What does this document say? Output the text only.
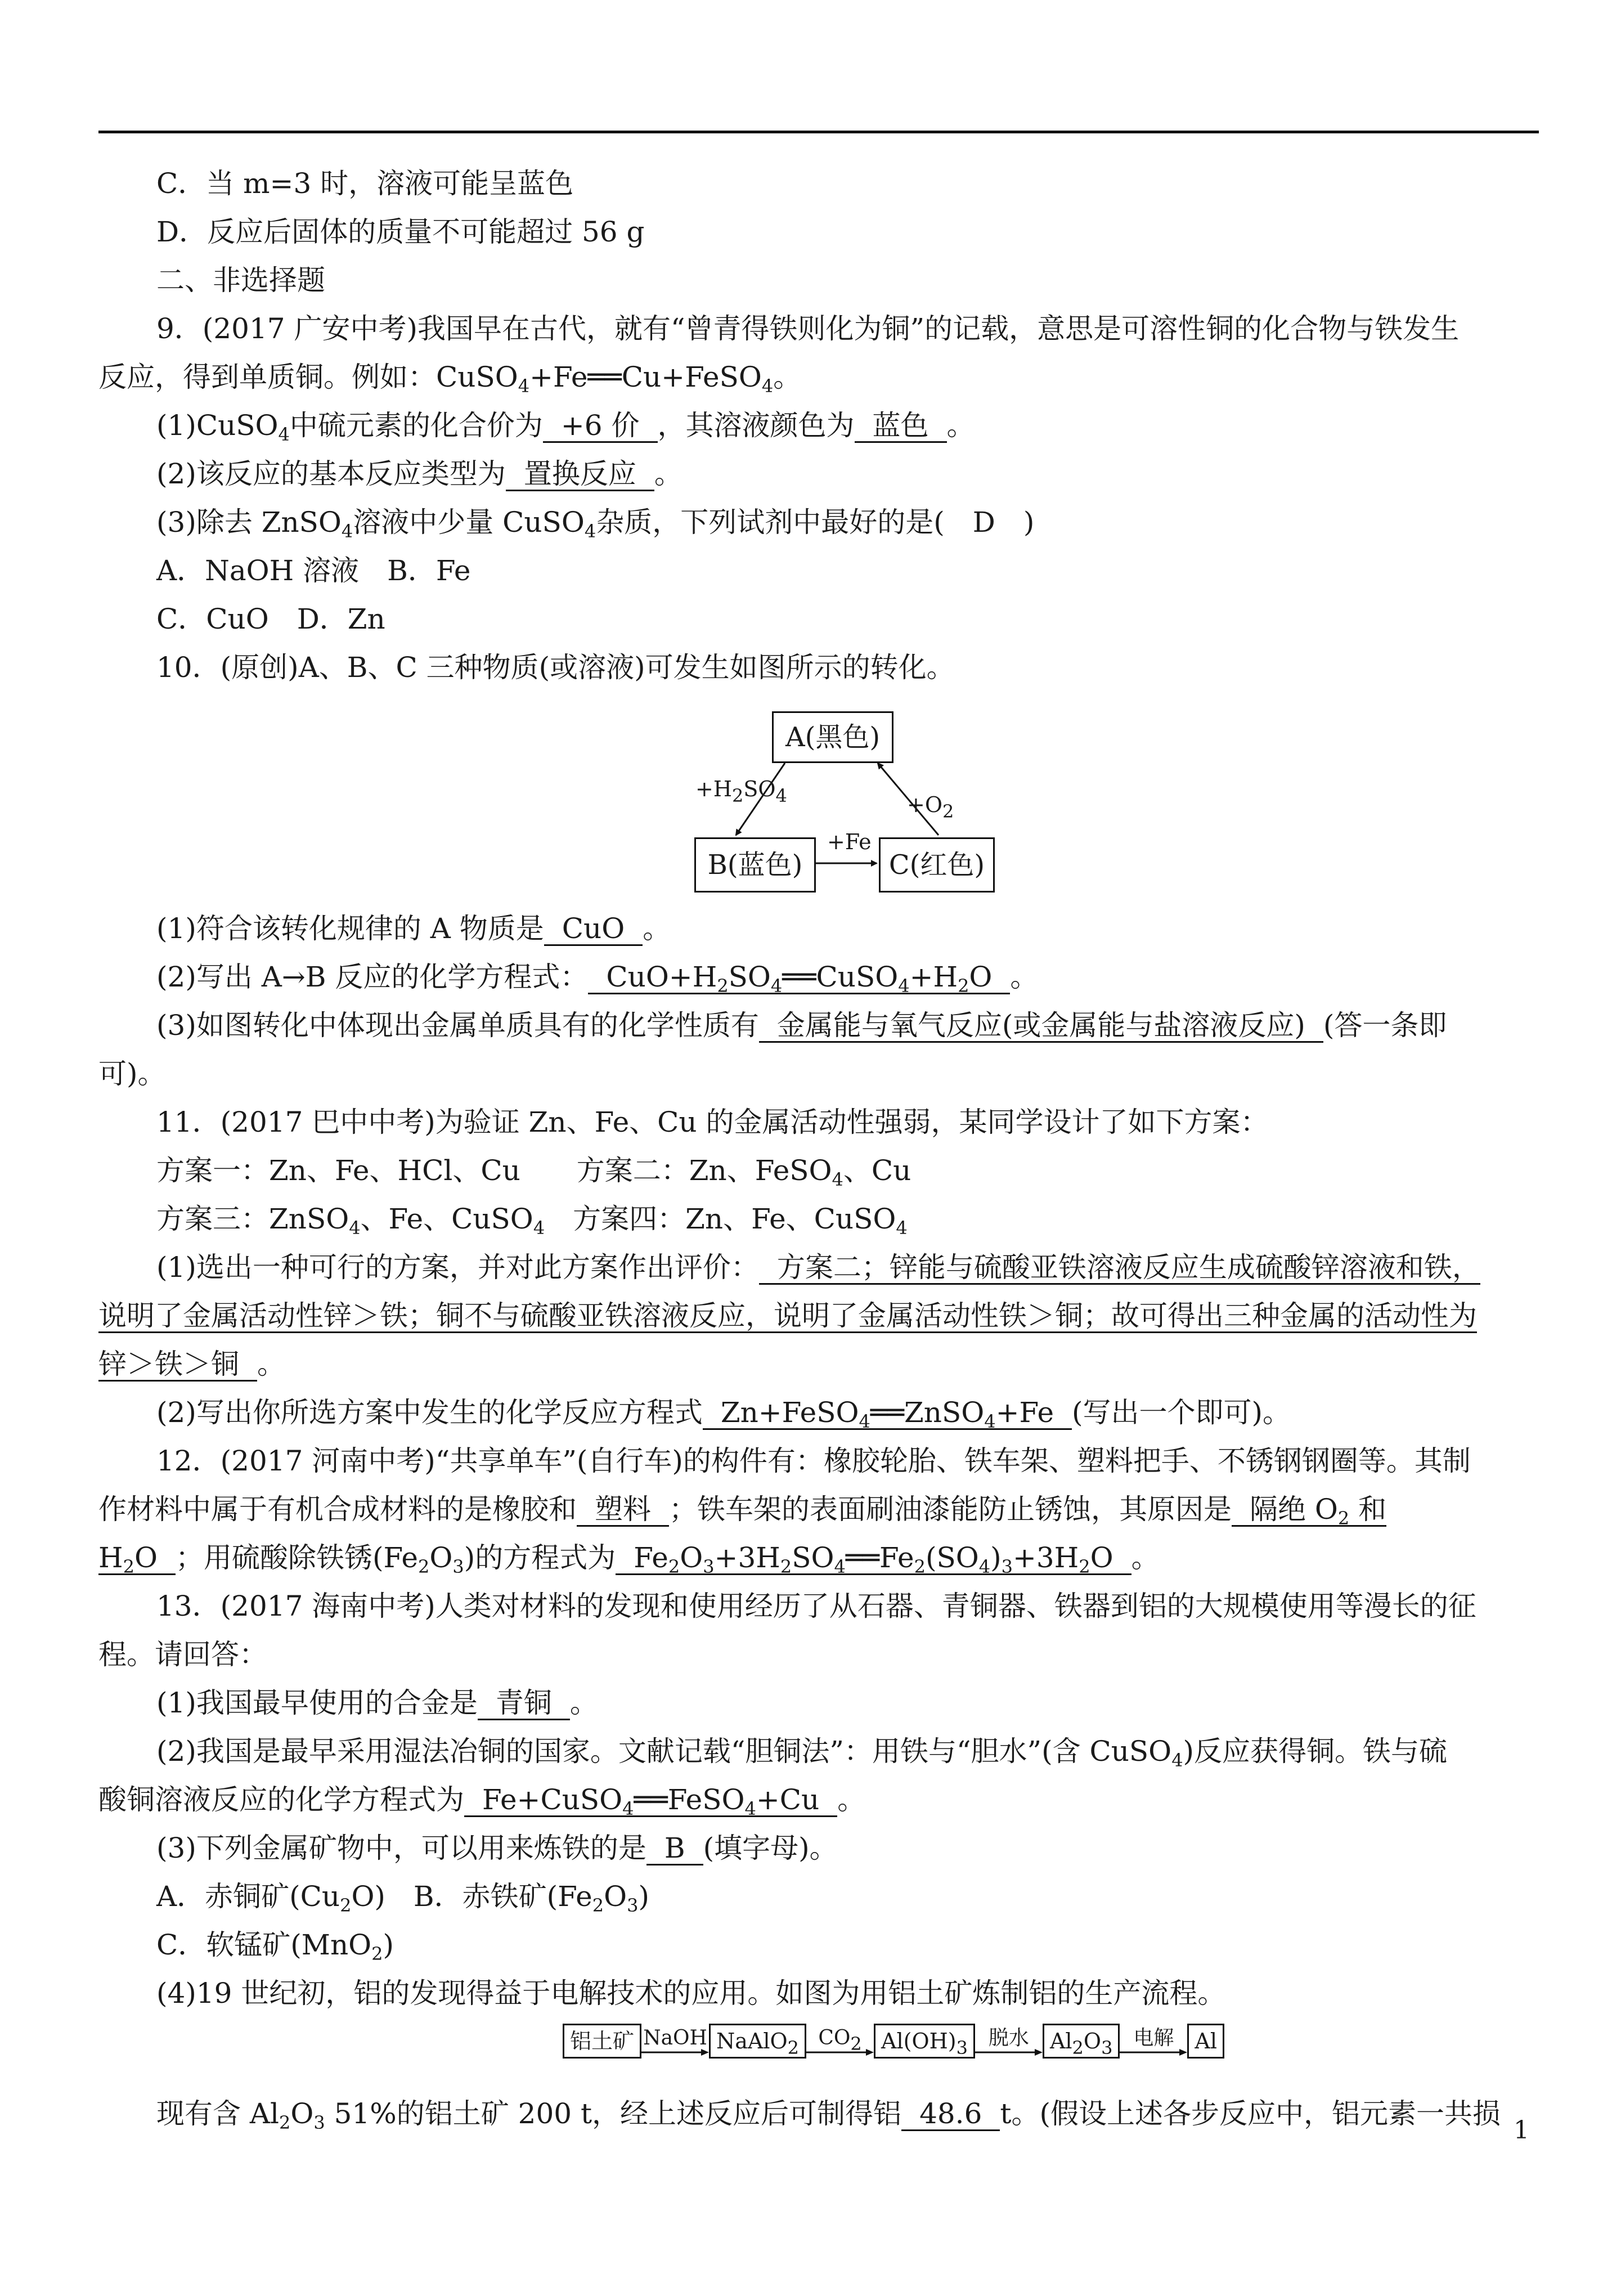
C．当 m=3 时，溶液可能呈蓝色
D．反应后固体的质量不可能超过 56 g
二、非选择题
9．(2017 广安中考)我国早在古代，就有“曾青得铁则化为铜”的记载，意思是可溶性铜的化合物与铁发生
反应，得到单质铜。例如：CuSO$_4$+Fe══Cu+FeSO$_4$。
(1)CuSO$_4$中硫元素的化合价为 +6 价 ，其溶液颜色为 蓝色 。
(2)该反应的基本反应类型为 置换反应 。
(3)除去 ZnSO$_4$溶液中少量 CuSO$_4$杂质，下列试剂中最好的是(　D　)
A．NaOH 溶液　B．Fe
C．CuO　D．Zn
10．(原创)A、B、C 三种物质(或溶液)可发生如图所示的转化。
A(黑色)
B(蓝色)	C(红色)
$+H_2SO_4$
+Fe
$+O_2$
(1)符合该转化规律的 A 物质是 CuO 。
(2)写出 A→B 反应的化学方程式： $CuO+H_2SO_4══CuSO_4+H_2O$ 。
(3)如图转化中体现出金属单质具有的化学性质有 金属能与氧气反应(或金属能与盐溶液反应) (答一条即
可)。
11．(2017 巴中中考)为验证 Zn、Fe、Cu 的金属活动性强弱，某同学设计了如下方案：
方案一：Zn、Fe、HCl、Cu　　方案二：Zn、FeSO$_4$、Cu
方案三：ZnSO$_4$、Fe、CuSO$_4$　方案四：Zn、Fe、CuSO$_4$
(1)选出一种可行的方案，并对此方案作出评价： 方案二；锌能与硫酸亚铁溶液反应生成硫酸锌溶液和铁，
说明了金属活动性锌＞铁；铜不与硫酸亚铁溶液反应，说明了金属活动性铁＞铜；故可得出三种金属的活动性为
锌＞铁＞铜 。
(2)写出你所选方案中发生的化学反应方程式 Zn+FeSO$_4$══ZnSO$_4$+Fe (写出一个即可)。
12．(2017 河南中考)“共享单车”(自行车)的构件有：橡胶轮胎、铁车架、塑料把手、不锈钢钢圈等。其制
作材料中属于有机合成材料的是橡胶和 塑料 ；铁车架的表面刷油漆能防止锈蚀，其原因是 隔绝 $O_2$ 和
$H_2O$ ；用硫酸除铁锈$(Fe_2O_3)$的方程式为 $Fe_2O_3+3H_2SO_4══Fe_2(SO_4)_3+3H_2O$ 。
13．(2017 海南中考)人类对材料的发现和使用经历了从石器、青铜器、铁器到铝的大规模使用等漫长的征
程。请回答：
(1)我国最早使用的合金是 青铜 。
(2)我国是最早采用湿法冶铜的国家。文献记载“胆铜法”：用铁与“胆水”(含 CuSO$_4$)反应获得铜。铁与硫
酸铜溶液反应的化学方程式为 Fe+CuSO$_4$══FeSO$_4$+Cu 。
(3)下列金属矿物中，可以用来炼铁的是 B (填字母)。
A．赤铜矿$(Cu_2O)$　B．赤铁矿$(Fe_2O_3)$
C．软锰矿(MnO$_2$)
(4)19 世纪初，铝的发现得益于电解技术的应用。如图为用铝土矿炼制铝的生产流程。
铝土矿 NaOH NaAlO$_2$ $CO_2$ $Al(OH)_3$	脱水 $Al_2O_3$	电解 Al
现有含 $Al_2O_3$ 51%的铝土矿 200 t，经上述反应后可制得铝 48.6 t。(假设上述各步反应中，铝元素一共损
1
